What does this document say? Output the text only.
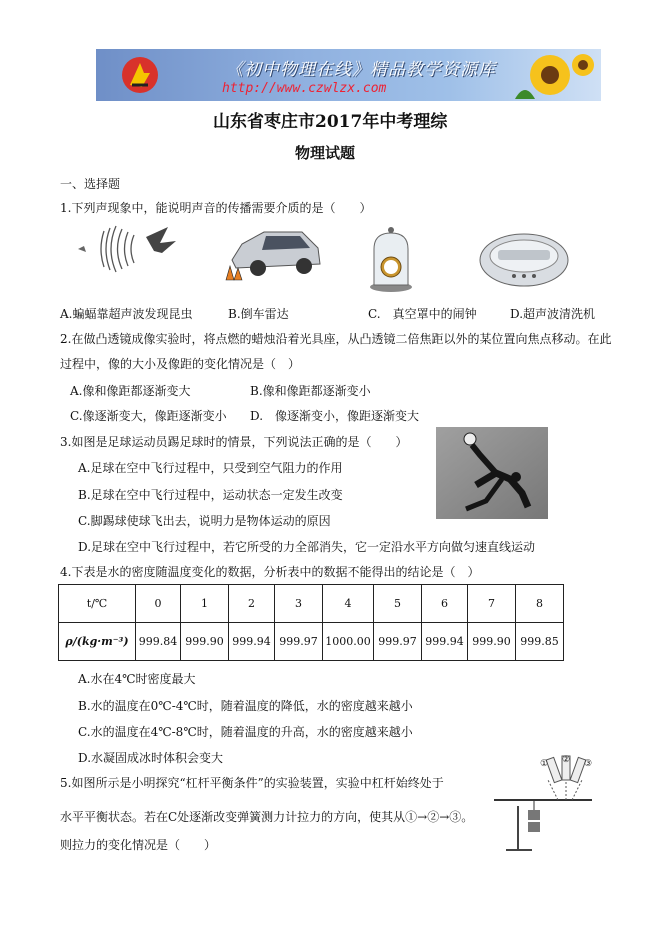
《初中物理在线》精品教学资源库
http://www.czwlzx.com
山东省枣庄市2017年中考理综
物理试题
一、选择题
1.下列声现象中，能说明声音的传播需要介质的是（　　）
A.蝙蝠靠超声波发现昆虫	B.倒车雷达	C.　真空罩中的闹钟	D.超声波清洗机
2.在做凸透镜成像实验时，将点燃的蜡烛沿着光具座，从凸透镜二倍焦距以外的某位置向焦点移动。在此
过程中，像的大小及像距的变化情况是（　）
A.像和像距都逐渐变大	B.像和像距都逐渐变小
C.像逐渐变大，像距逐渐变小 D.　像逐渐变小，像距逐渐变大
3.如图是足球运动员踢足球时的情景，下列说法正确的是（　　）
A.足球在空中飞行过程中，只受到空气阻力的作用
B.足球在空中飞行过程中，运动状态一定发生改变
C.脚踢球使球飞出去，说明力是物体运动的原因
D.足球在空中飞行过程中，若它所受的力全部消失，它一定沿水平方向做匀速直线运动
4.下表是水的密度随温度变化的数据，分析表中的数据不能得出的结论是（　）
t/℃	0	1	2	3	4	5	6	7	8
ρ/(kg·m⁻³)	999.84	999.90	999.94	999.97	1000.00	999.97	999.94	999.90	999.85
A.水在4℃时密度最大
B.水的温度在0℃-4℃时，随着温度的降低，水的密度越来越小
C.水的温度在4℃-8℃时，随着温度的升高，水的密度越来越小
D.水凝固成冰时体积会变大
5.如图所示是小明探究“杠杆平衡条件”的实验装置，实验中杠杆始终处于
水平平衡状态。若在C处逐渐改变弹簧测力计拉力的方向，使其从①→②→③。
则拉力的变化情况是（　　）
① ② ③
